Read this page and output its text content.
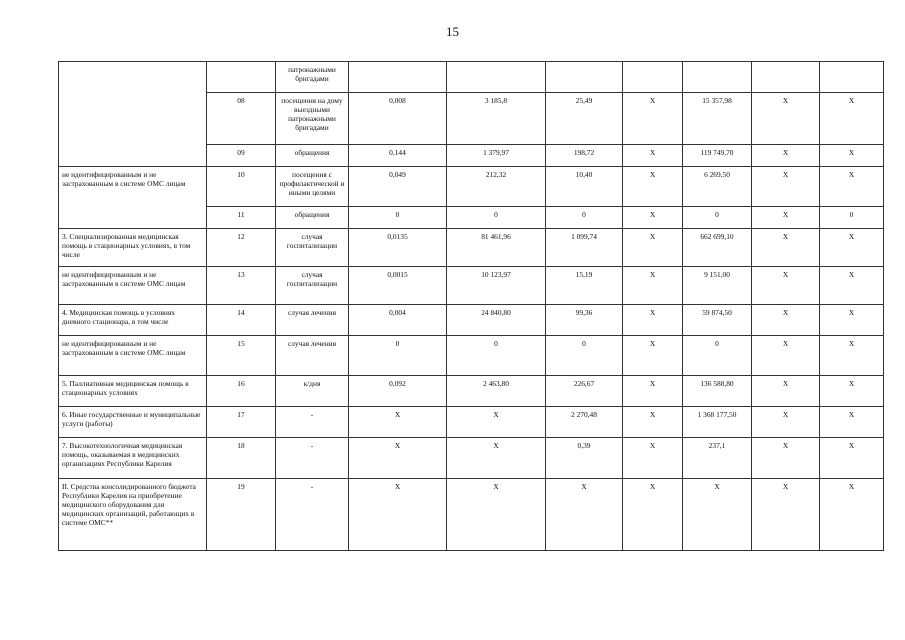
15
		патронажными бригадами							
	08	посещения на дому выездными патронажными бригадами	0,008	3 185,8	25,49	X	15 357,98	X	X
	09	обращения	0,144	1 379,97	198,72	X	119 749,70	X	X
не идентифицированным и не застрахованным в системе ОМС лицам	10	посещения с профилактической и иными целями	0,049	212,32	10,40	X	6 269,50	X	X
	11	обращения	0	0	0	X	0	X	0
3. Специализированная медицинская помощь в стационарных условиях, в том числе	12	случая госпитализации	0,0135	81 461,96	1 099,74	X	662 699,10	X	X
не идентифицированным и не застрахованным в системе ОМС лицам	13	случая госпитализации	0,0015	10 123,97	15,19	X	9 151,00	X	X
4. Медицинская помощь в условиях дневного стационара, в том числе	14	случая лечения	0,004	24 840,80	99,36	X	59 874,50	X	X
не идентифицированным и не застрахованным в системе ОМС лицам	15	случая лечения	0	0	0	X	0	X	X
5. Паллиативная медицинская помощь в стационарных условиях	16	к/дня	0,092	2 463,80	226,67	X	136 588,80	X	X
6. Иные государственные и муниципальные услуги (работы)	17	-	X	X	2 270,48	X	1 368 177,50	X	X
7. Высокотехнологичная медицинская помощь, оказываемая в медицинских организациях Республики Карелия	18	-	X	X	0,39	X	237,1	X	X
II. Средства консолидированного бюджета Республики Карелия на приобретение медицинского оборудования для медицинских организаций, работающих в системе ОМС**	19	-	X	X	X	X	X	X	X
